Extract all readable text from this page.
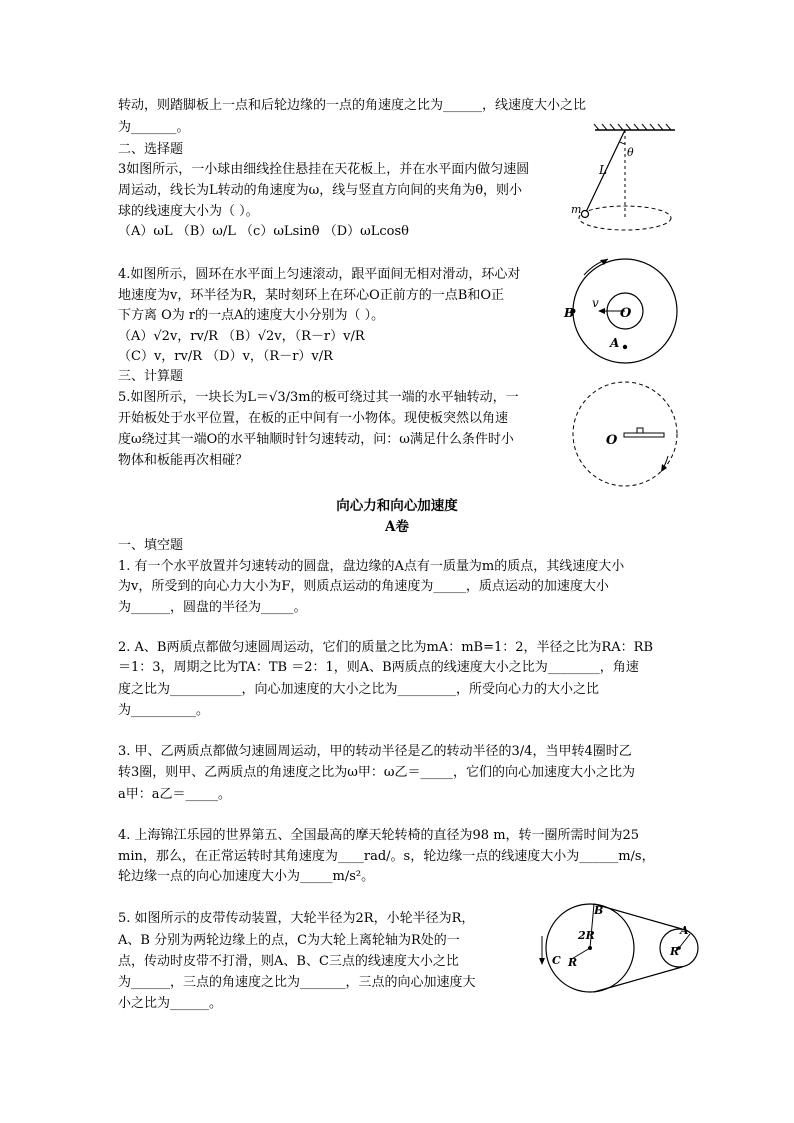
转动，则踏脚板上一点和后轮边缘的一点的角速度之比为______，线速度大小之比
为_______。
二、选择题
3如图所示，一小球由细线拴住悬挂在天花板上，并在水平面内做匀速圆
周运动，线长为L转动的角速度为ω，线与竖直方向间的夹角为θ，则小
球的线速度大小为（ ）。
（A）ωL （B）ω/L （c）ωLsinθ （D）ωLcosθ
4.如图所示，圆环在水平面上匀速滚动，跟平面间无相对滑动，环心对
地速度为v，环半径为R，某时刻环上在环心O正前方的一点B和O正
下方离 O为 r的一点A的速度大小分别为（ ）。
（A）√2v，rv/R （B）√2v，（R－r）v/R
（C）v，rv/R （D）v，（R－r）v/R
三、计算题
5.如图所示，一块长为L＝√3/3m的板可绕过其一端的水平轴转动，一
开始板处于水平位置，在板的正中间有一小物体。现使板突然以角速
度ω绕过其一端O的水平轴顺时针匀速转动，问：ω满足什么条件时小
物体和板能再次相碰？
向心力和向心加速度
A卷
一、填空题
1. 有一个水平放置并匀速转动的圆盘，盘边缘的A点有一质量为m的质点，其线速度大小
为v，所受到的向心力大小为F，则质点运动的角速度为_____，质点运动的加速度大小
为______，圆盘的半径为_____。
2. A、B两质点都做匀速圆周运动，它们的质量之比为mA：mB=1：2，半径之比为RA：RB
＝1：3，周期之比为TA：TB ＝2：1，则A、B两质点的线速度大小之比为________，角速
度之比为___________，向心加速度的大小之比为_________，所受向心力的大小之比
为__________。
3. 甲、乙两质点都做匀速圆周运动，甲的转动半径是乙的转动半径的3/4，当甲转4圈时乙
转3圈，则甲、乙两质点的角速度之比为ω甲：ω乙＝_____，它们的向心加速度大小之比为
a甲：a乙＝_____。
4. 上海锦江乐园的世界第五、全国最高的摩天轮转椅的直径为98 m，转一圈所需时间为25
min，那么，在正常运转时其角速度为____rad/。s，轮边缘一点的线速度大小为______m/s，
轮边缘一点的向心加速度大小为_____m/s²。
5. 如图所示的皮带传动装置，大轮半径为2R，小轮半径为R，
A、B 分别为两轮边缘上的点，C为大轮上离轮轴为R处的一
点，传动时皮带不打滑，则A、B、C三点的线速度大小之比
为______，三点的角速度之比为_______，三点的向心加速度大
小之比为______。
θ
L
m
B
v
O
A
O
B
2R	A
C R
R
